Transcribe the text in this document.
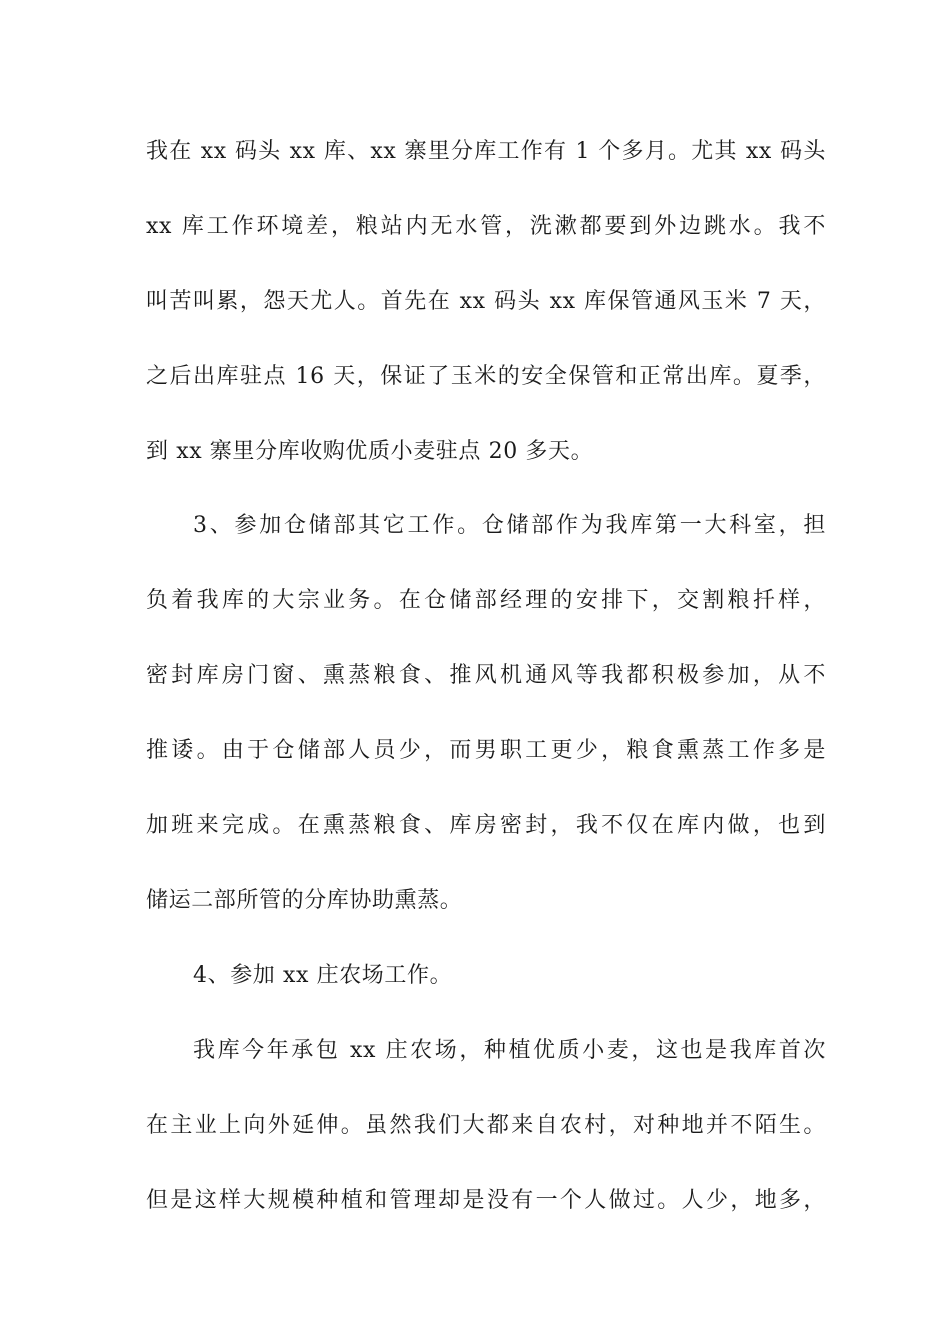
我在 xx 码头 xx 库、xx 寨里分库工作有 1 个多月。尤其 xx 码头
xx 库工作环境差，粮站内无水管，洗漱都要到外边跳水。我不
叫苦叫累，怨天尤人。首先在 xx 码头 xx 库保管通风玉米 7 天，
之后出库驻点 16 天，保证了玉米的安全保管和正常出库。夏季，
到 xx 寨里分库收购优质小麦驻点 20 多天。
3、参加仓储部其它工作。仓储部作为我库第一大科室，担
负着我库的大宗业务。在仓储部经理的安排下，交割粮扦样，
密封库房门窗、熏蒸粮食、推风机通风等我都积极参加，从不
推诿。由于仓储部人员少，而男职工更少，粮食熏蒸工作多是
加班来完成。在熏蒸粮食、库房密封，我不仅在库内做，也到
储运二部所管的分库协助熏蒸。
4、参加 xx 庄农场工作。
我库今年承包 xx 庄农场，种植优质小麦，这也是我库首次
在主业上向外延伸。虽然我们大都来自农村，对种地并不陌生。
但是这样大规模种植和管理却是没有一个人做过。人少，地多，
